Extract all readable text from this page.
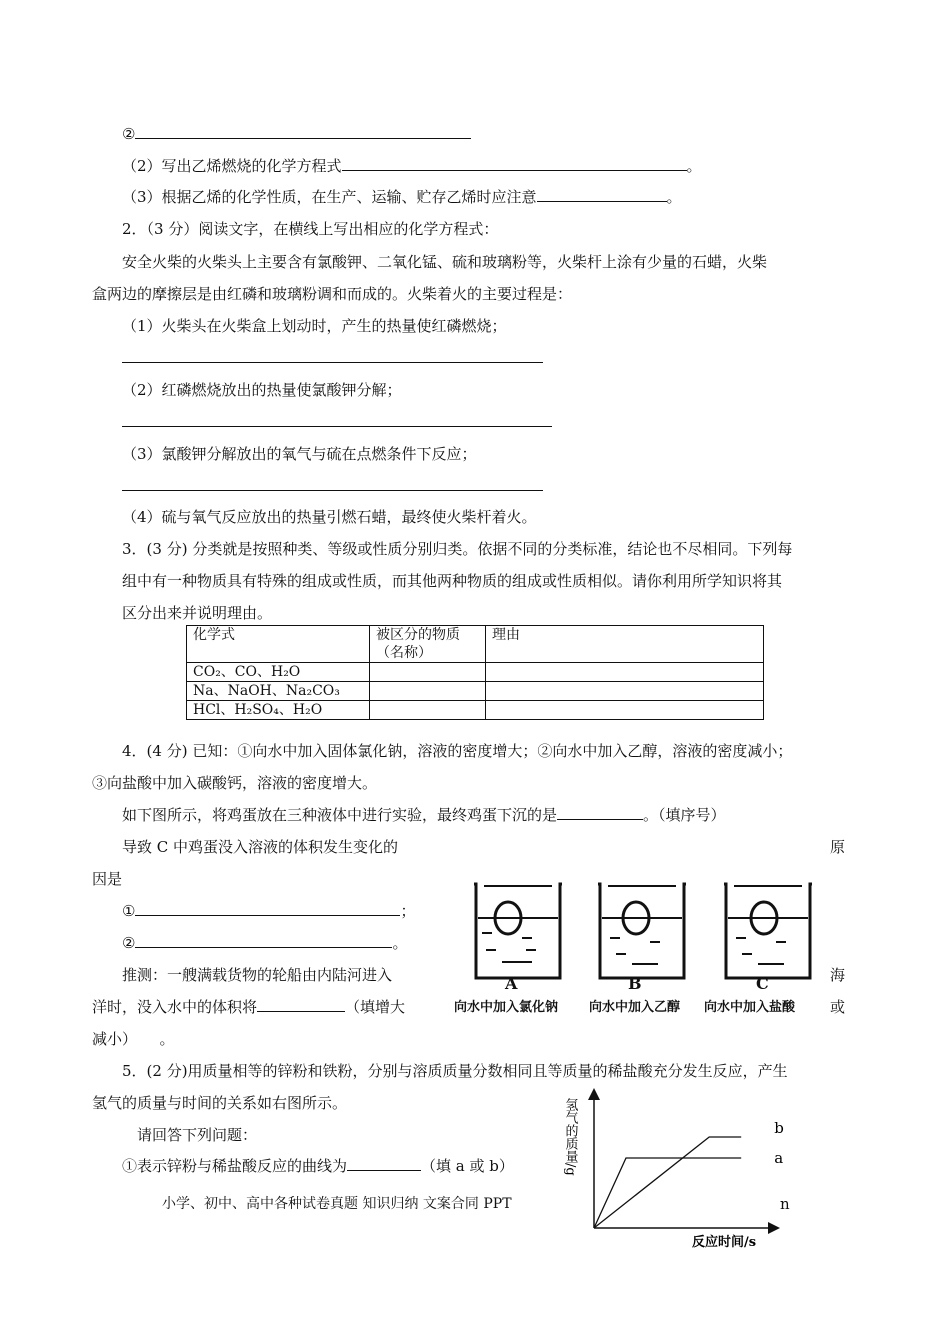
②
（2）写出乙烯燃烧的化学方程式	。
（3）根据乙烯的化学性质，在生产、运输、贮存乙烯时应注意	。
2．（3 分）阅读文字，在横线上写出相应的化学方程式：
安全火柴的火柴头上主要含有氯酸钾、二氧化锰、硫和玻璃粉等，火柴杆上涂有少量的石蜡，火柴
盒两边的摩擦层是由红磷和玻璃粉调和而成的。火柴着火的主要过程是：
（1）火柴头在火柴盒上划动时，产生的热量使红磷燃烧；
（2）红磷燃烧放出的热量使氯酸钾分解；
（3）氯酸钾分解放出的氧气与硫在点燃条件下反应；
（4）硫与氧气反应放出的热量引燃石蜡，最终使火柴杆着火。
3．(3 分) 分类就是按照种类、等级或性质分别归类。依据不同的分类标准，结论也不尽相同。下列每
组中有一种物质具有特殊的组成或性质，而其他两种物质的组成或性质相似。请你利用所学知识将其
区分出来并说明理由。
化学式	被区分的物质（名称）	理由
CO₂、CO、H₂O		
Na、NaOH、Na₂CO₃		
HCl、H₂SO₄、H₂O		
4．(4 分) 已知：①向水中加入固体氯化钠，溶液的密度增大；②向水中加入乙醇，溶液的密度减小；
③向盐酸中加入碳酸钙，溶液的密度增大。
如下图所示，将鸡蛋放在三种液体中进行实验，最终鸡蛋下沉的是	。（填序号）
导致 C 中鸡蛋没入溶液的体积发生变化的	原
因是
①	；
②	。
推测：一艘满载货物的轮船由内陆河进入	海
洋时，没入水中的体积将	（填增大	或
减小）　　。
A	B	C
向水中加入氯化钠 向水中加入乙醇 向水中加入盐酸
5．(2 分)用质量相等的锌粉和铁粉，分别与溶质质量分数相同且等质量的稀盐酸充分发生反应，产生
氢气的质量与时间的关系如右图所示。
请回答下列问题：
①表示锌粉与稀盐酸反应的曲线为	（填 a 或 b）
小学、初中、高中各种试卷真题 知识归纳 文案合同 PPT	n
氢气的质量/g
反应时间/s
a
b
